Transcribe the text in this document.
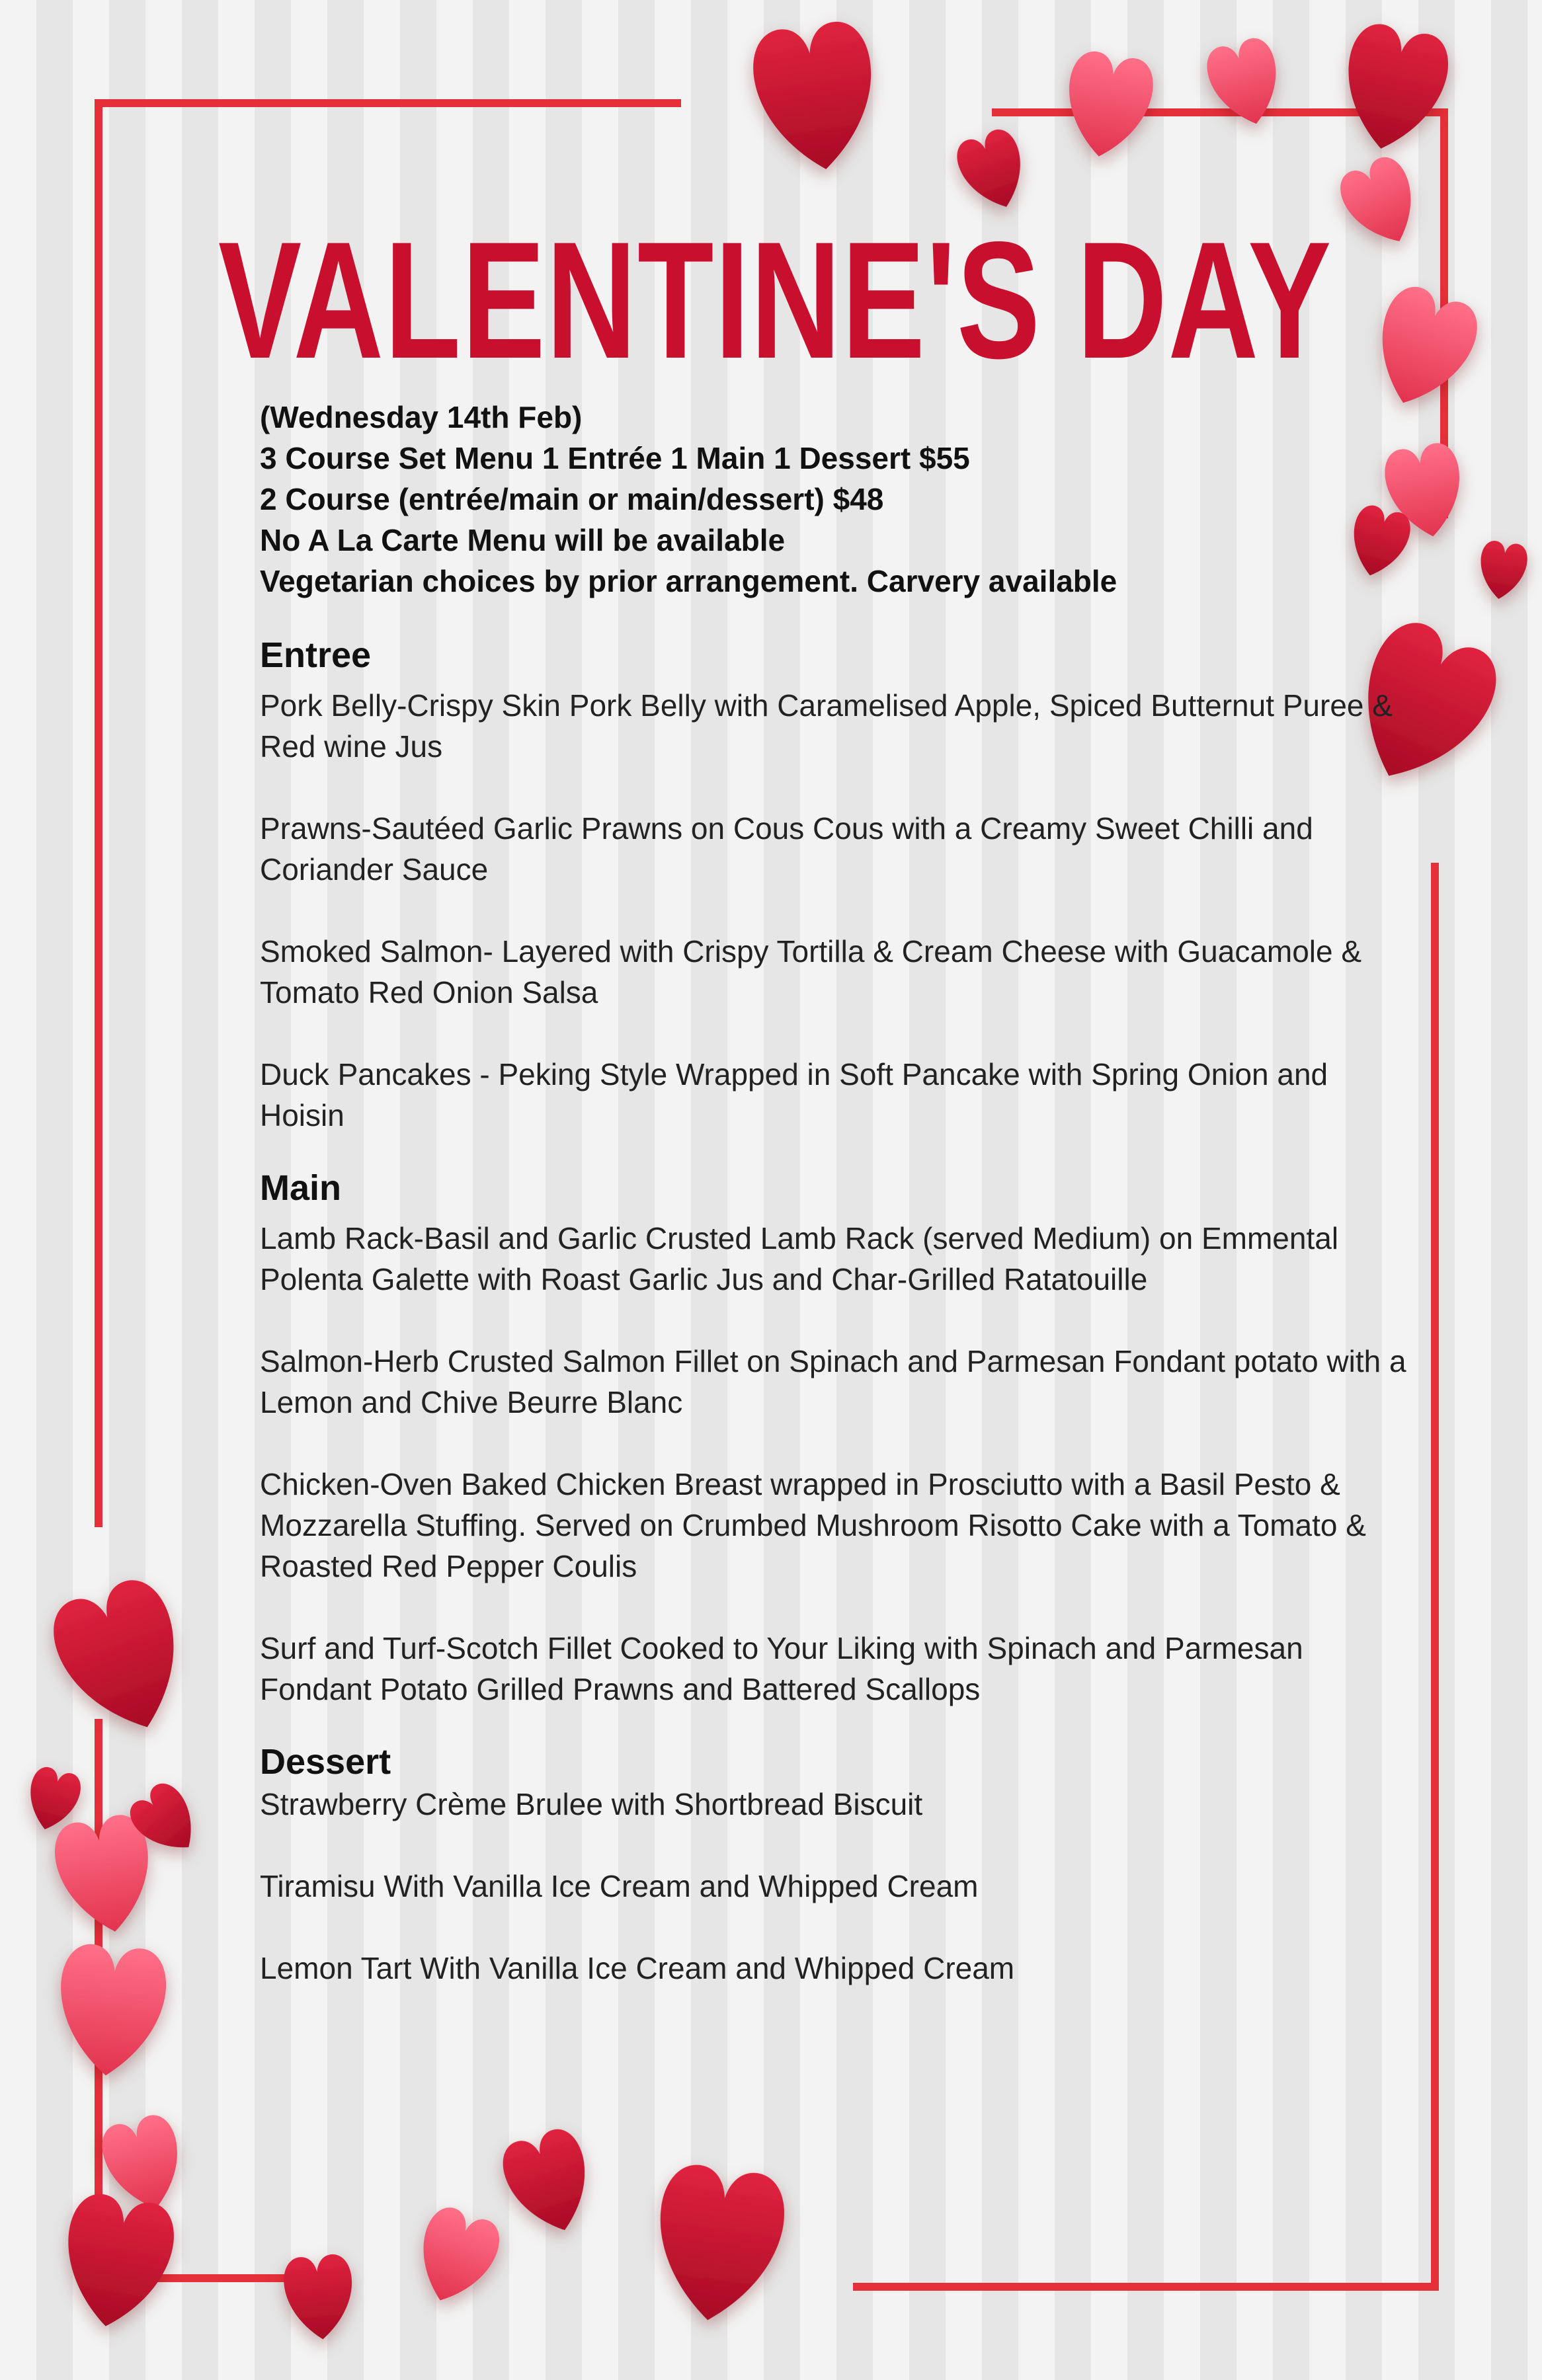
VALENTINE'S DAY

(Wednesday 14th Feb)

3 Course Set Menu 1 Entrée 1 Main 1 Dessert $55

2 Course (entrée/main or main/dessert) $48

No A La Carte Menu will be available

Vegetarian choices by prior arrangement. Carvery available

Entree

Pork Belly-Crispy Skin Pork Belly with Caramelised Apple, Spiced Butternut Puree & Red wine Jus

Prawns-Sautéed Garlic Prawns on Cous Cous with a Creamy Sweet Chilli and Coriander Sauce

Smoked Salmon- Layered with Crispy Tortilla & Cream Cheese with Guacamole & Tomato Red Onion Salsa

Duck Pancakes - Peking Style Wrapped in Soft Pancake with Spring Onion and Hoisin

Main

Lamb Rack-Basil and Garlic Crusted Lamb Rack (served Medium) on Emmental Polenta Galette with Roast Garlic Jus and Char-Grilled Ratatouille

Salmon-Herb Crusted Salmon Fillet on Spinach and Parmesan Fondant potato with a Lemon and Chive Beurre Blanc

Chicken-Oven Baked Chicken Breast wrapped in Prosciutto with a Basil Pesto & Mozzarella Stuffing. Served on Crumbed Mushroom Risotto Cake with a Tomato & Roasted Red Pepper Coulis

Surf and Turf-Scotch Fillet Cooked to Your Liking with Spinach and Parmesan Fondant Potato Grilled Prawns and Battered Scallops

Dessert

Strawberry Crème Brulee with Shortbread Biscuit

Tiramisu With Vanilla Ice Cream and Whipped Cream

Lemon Tart With Vanilla Ice Cream and Whipped Cream
